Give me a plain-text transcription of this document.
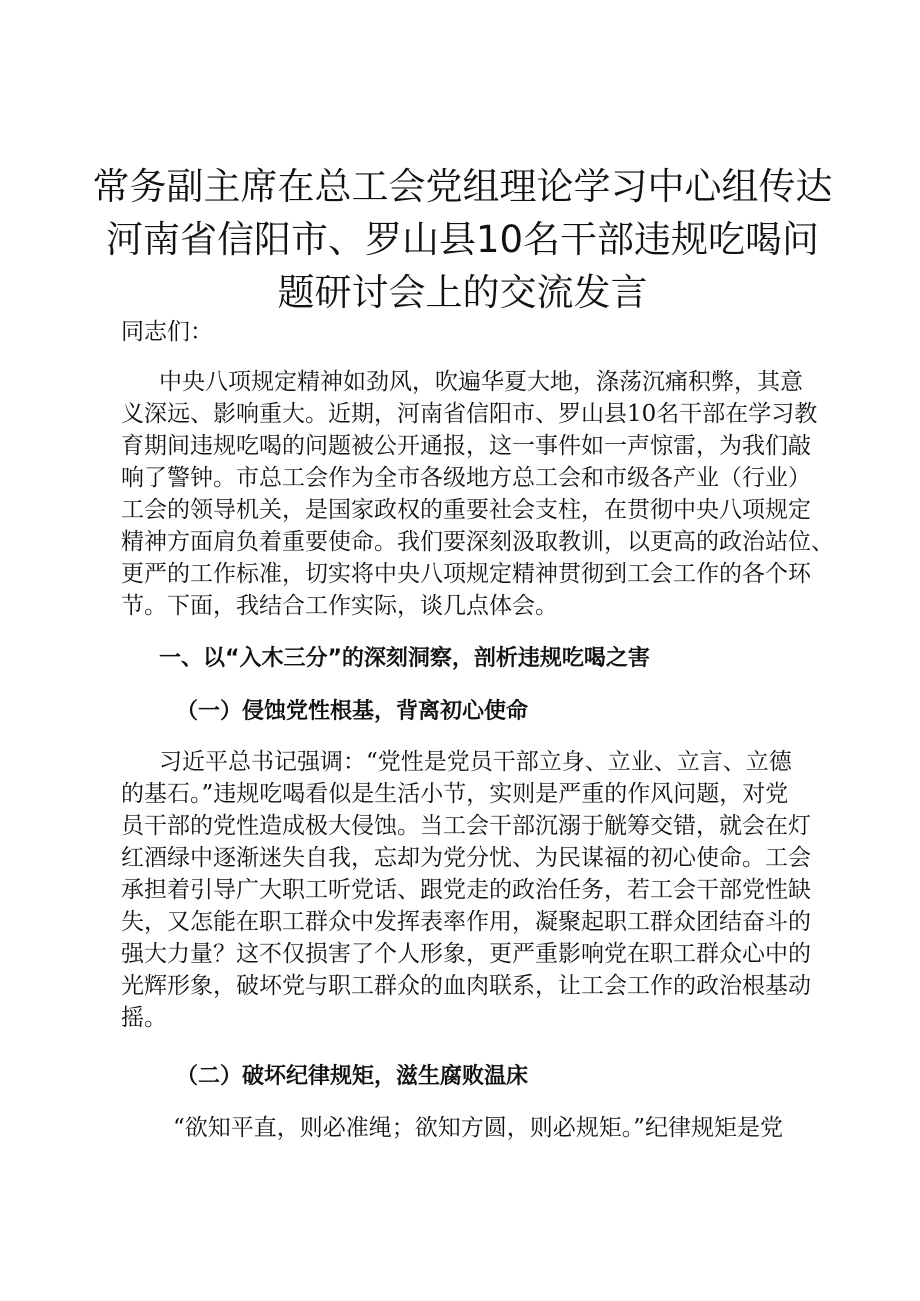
常务副主席在总工会党组理论学习中心组传达
河南省信阳市、罗山县10名干部违规吃喝问
题研讨会上的交流发言
同志们：
中央八项规定精神如劲风，吹遍华夏大地，涤荡沉痛积弊，其意
义深远、影响重大。近期，河南省信阳市、罗山县10名干部在学习教
育期间违规吃喝的问题被公开通报，这一事件如一声惊雷，为我们敲
响了警钟。市总工会作为全市各级地方总工会和市级各产业（行业）
工会的领导机关，是国家政权的重要社会支柱，在贯彻中央八项规定
精神方面肩负着重要使命。我们要深刻汲取教训，以更高的政治站位、
更严的工作标准，切实将中央八项规定精神贯彻到工会工作的各个环
节。下面，我结合工作实际，谈几点体会。
一、以“入木三分”的深刻洞察，剖析违规吃喝之害
（一）侵蚀党性根基，背离初心使命
习近平总书记强调：“党性是党员干部立身、立业、立言、立德
的基石。”违规吃喝看似是生活小节，实则是严重的作风问题，对党
员干部的党性造成极大侵蚀。当工会干部沉溺于觥筹交错，就会在灯
红酒绿中逐渐迷失自我，忘却为党分忧、为民谋福的初心使命。工会
承担着引导广大职工听党话、跟党走的政治任务，若工会干部党性缺
失，又怎能在职工群众中发挥表率作用，凝聚起职工群众团结奋斗的
强大力量？这不仅损害了个人形象，更严重影响党在职工群众心中的
光辉形象，破坏党与职工群众的血肉联系，让工会工作的政治根基动
摇。
（二）破坏纪律规矩，滋生腐败温床
“欲知平直，则必准绳；欲知方圆，则必规矩。”纪律规矩是党
